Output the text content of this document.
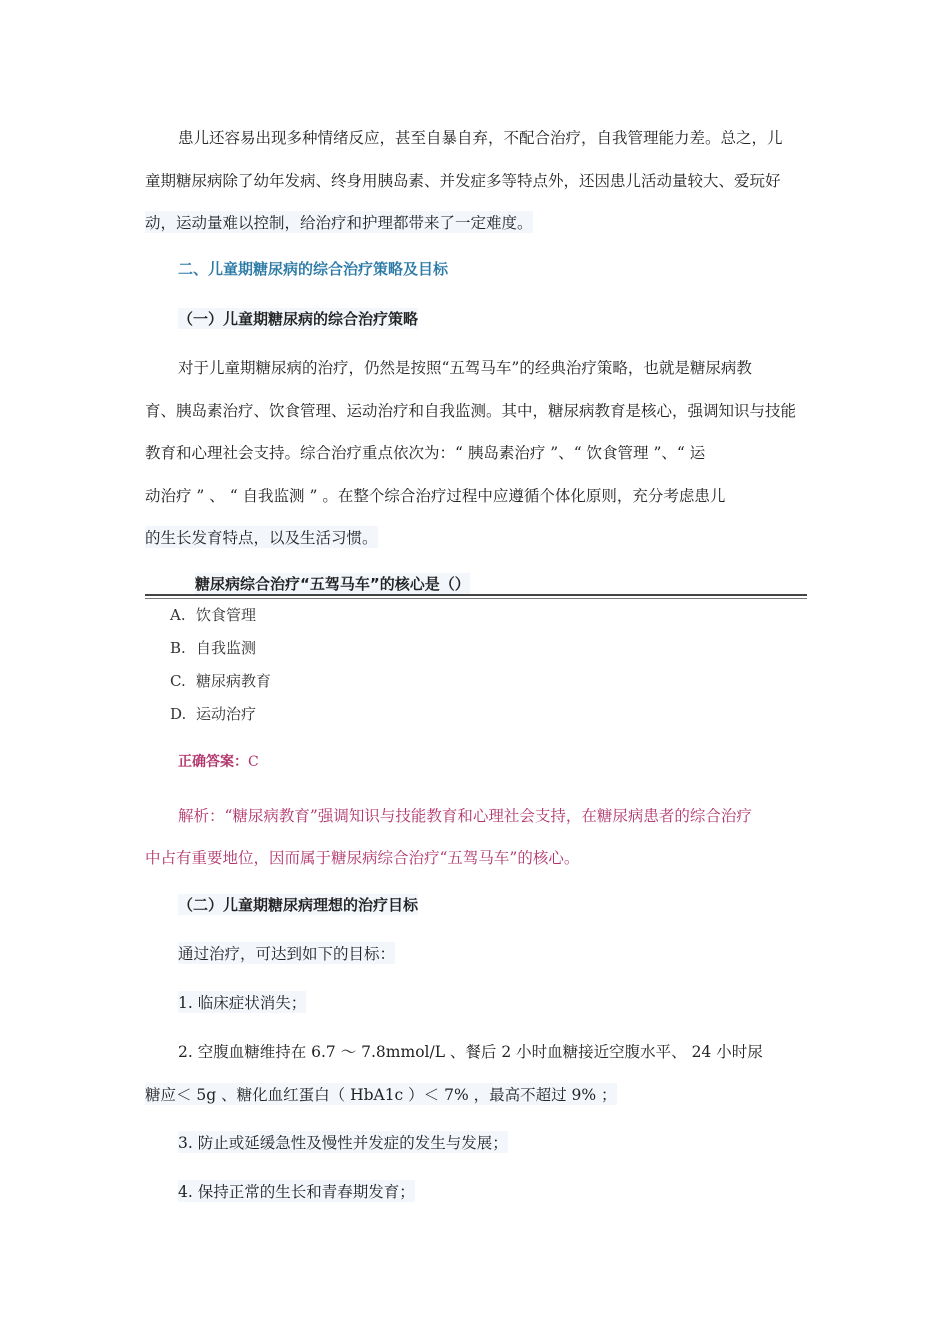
患儿还容易出现多种情绪反应，甚至自暴自弃，不配合治疗，自我管理能力差。总之，儿
童期糖尿病除了幼年发病、终身用胰岛素、并发症多等特点外，还因患儿活动量较大、爱玩好
动，运动量难以控制，给治疗和护理都带来了一定难度。
二、儿童期糖尿病的综合治疗策略及目标
（一）儿童期糖尿病的综合治疗策略
对于儿童期糖尿病的治疗，仍然是按照“五驾马车”的经典治疗策略，也就是糖尿病教
育、胰岛素治疗、饮食管理、运动治疗和自我监测。其中，糖尿病教育是核心，强调知识与技能
教育和心理社会支持。综合治疗重点依次为：“ 胰岛素治疗 ”、“ 饮食管理 ”、“ 运
动治疗 ” 、 “ 自我监测 ” 。在整个综合治疗过程中应遵循个体化原则，充分考虑患儿
的生长发育特点，以及生活习惯。
糖尿病综合治疗“五驾马车”的核心是（）
A. 饮食管理
B. 自我监测
C. 糖尿病教育
D. 运动治疗
正确答案：C
解析：“糖尿病教育”强调知识与技能教育和心理社会支持，在糖尿病患者的综合治疗
中占有重要地位，因而属于糖尿病综合治疗“五驾马车”的核心。
（二）儿童期糖尿病理想的治疗目标
通过治疗，可达到如下的目标：
1. 临床症状消失；
2. 空腹血糖维持在 6.7 ～ 7.8mmol/L 、餐后 2 小时血糖接近空腹水平、 24 小时尿
糖应＜ 5g 、糖化血红蛋白（ HbA1c ）＜ 7% ，最高不超过 9% ；
3. 防止或延缓急性及慢性并发症的发生与发展；
4. 保持正常的生长和青春期发育；
